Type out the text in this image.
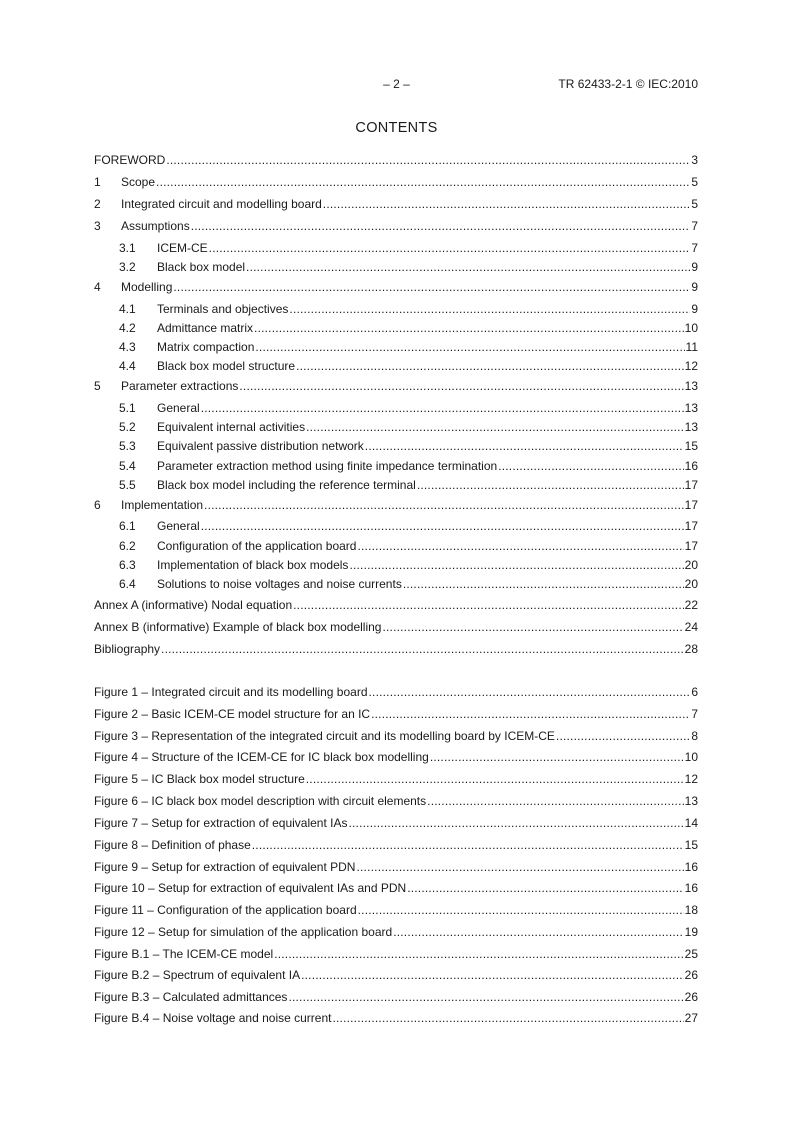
– 2 –	TR 62433-2-1 © IEC:2010
CONTENTS
FOREWORD .....	3
1	Scope .....	5
2	Integrated circuit and modelling board .....	5
3	Assumptions .....	7
3.1	ICEM-CE .....	7
3.2	Black box model .....	9
4	Modelling .....	9
4.1	Terminals and objectives .....	9
4.2	Admittance matrix .....	10
4.3	Matrix compaction .....	11
4.4	Black box model structure .....	12
5	Parameter extractions .....	13
5.1	General .....	13
5.2	Equivalent internal activities .....	13
5.3	Equivalent passive distribution network .....	15
5.4	Parameter extraction method using finite impedance termination .....	16
5.5	Black box model including the reference terminal .....	17
6	Implementation .....	17
6.1	General .....	17
6.2	Configuration of the application board .....	17
6.3	Implementation of black box models .....	20
6.4	Solutions to noise voltages and noise currents .....	20
Annex A (informative) Nodal equation .....	22
Annex B (informative) Example of black box modelling .....	24
Bibliography .....	28
Figure 1 – Integrated circuit and its modelling board .....	6
Figure 2 – Basic ICEM-CE model structure for an IC .....	7
Figure 3 – Representation of the integrated circuit and its modelling board by ICEM-CE .....	8
Figure 4 – Structure of the ICEM-CE for IC black box modelling .....	10
Figure 5 – IC Black box model structure .....	12
Figure 6 – IC black box model description with circuit elements .....	13
Figure 7 – Setup for extraction of equivalent IAs .....	14
Figure 8 – Definition of phase .....	15
Figure 9 – Setup for extraction of equivalent PDN .....	16
Figure 10 – Setup for extraction of equivalent IAs and PDN .....	16
Figure 11 – Configuration of the application board .....	18
Figure 12 – Setup for simulation of the application board .....	19
Figure B.1 – The ICEM-CE model .....	25
Figure B.2 – Spectrum of equivalent IA .....	26
Figure B.3 – Calculated admittances .....	26
Figure B.4 – Noise voltage and noise current .....	27
